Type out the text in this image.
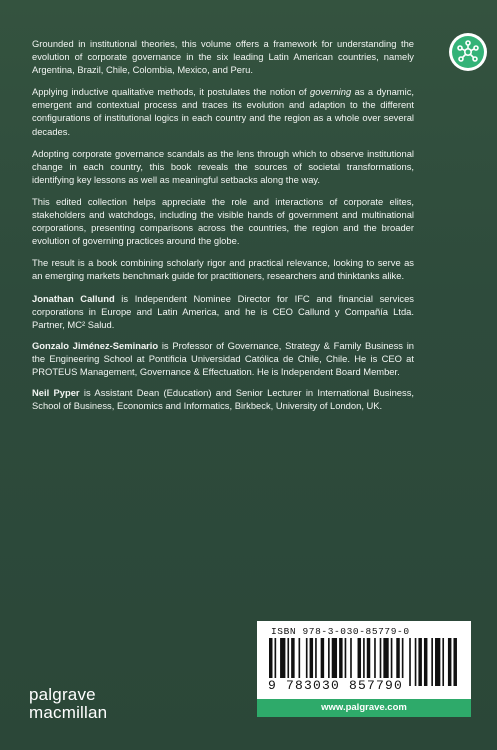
Grounded in institutional theories, this volume offers a framework for understanding the evolution of corporate governance in the six leading Latin American countries, namely Argentina, Brazil, Chile, Colombia, Mexico, and Peru.

Applying inductive qualitative methods, it postulates the notion of governing as a dynamic, emergent and contextual process and traces its evolution and adaption to the different configurations of institutional logics in each country and the region as a whole over several decades.

Adopting corporate governance scandals as the lens through which to observe institutional change in each country, this book reveals the sources of societal transformations, identifying key lessons as well as meaningful setbacks along the way.

This edited collection helps appreciate the role and interactions of corporate elites, stakeholders and watchdogs, including the visible hands of government and multinational corporations, presenting comparisons across the countries, the region and the broader evolution of governing practices around the globe.

The result is a book combining scholarly rigor and practical relevance, looking to serve as an emerging markets benchmark guide for practitioners, researchers and thinktanks alike.

Jonathan Callund is Independent Nominee Director for IFC and financial services corporations in Europe and Latin America, and he is CEO Callund y Compañía Ltda. Partner, MC² Salud.

Gonzalo Jiménez-Seminario is Professor of Governance, Strategy & Family Business in the Engineering School at Pontificia Universidad Católica de Chile, Chile. He is CEO at PROTEUS Management, Governance & Effectuation. He is Independent Board Member.

Neil Pyper is Assistant Dean (Education) and Senior Lecturer in International Business, School of Business, Economics and Informatics, Birkbeck, University of London, UK.

palgrave
macmillan
ISBN 978-3-030-85779-0
9 783030 857790
www.palgrave.com
